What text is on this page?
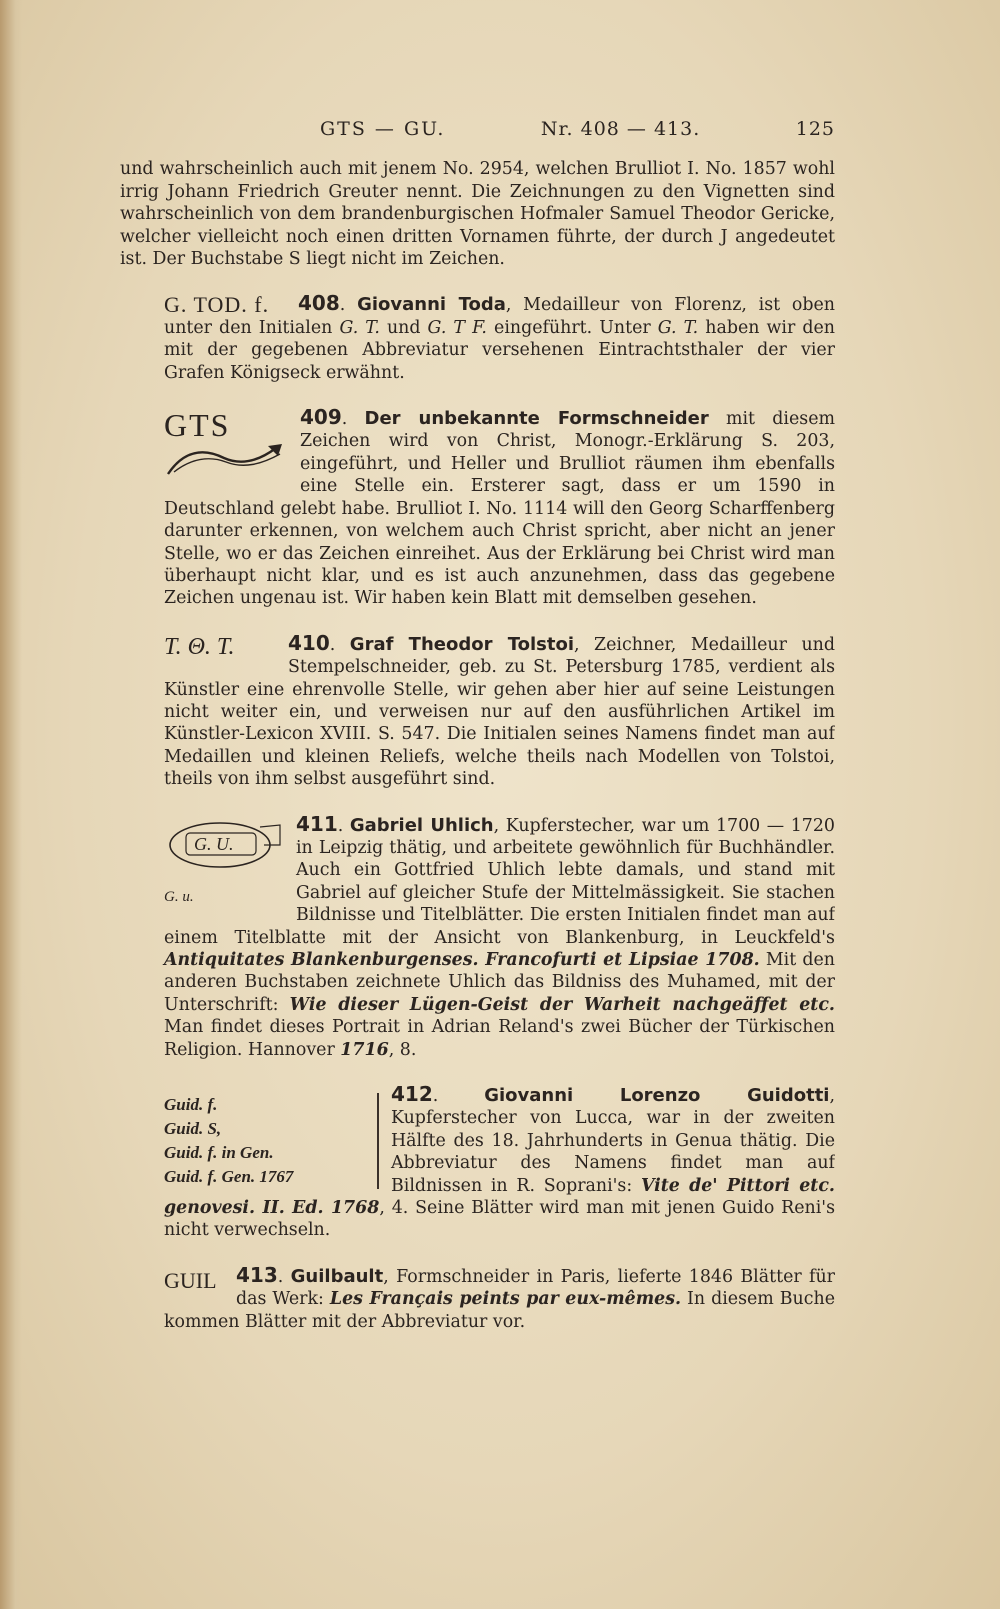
GTS — GU.	Nr. 408 — 413.	125

und wahrscheinlich auch mit jenem No. 2954, welchen Brulliot I. No. 1857 wohl irrig Johann Friedrich Greuter nennt. Die Zeichnungen zu den Vignetten sind wahrscheinlich von dem brandenburgischen Hofmaler Samuel Theodor Gericke, welcher vielleicht noch einen dritten Vornamen führte, der durch J angedeutet ist. Der Buchstabe S liegt nicht im Zeichen.

G. TOD. f.	408. Giovanni Toda, Medailleur von Florenz, ist oben unter den Initialen G. T. und G. T F. eingeführt. Unter G. T. haben wir den mit der gegebenen Abbreviatur versehenen Eintrachtsthaler der vier Grafen Königseck erwähnt.

GTS	409. Der unbekannte Formschneider mit diesem Zeichen wird von Christ, Monogr.-Erklärung S. 203, eingeführt, und Heller und Brulliot räumen ihm ebenfalls eine Stelle ein. Ersterer sagt, dass er um 1590 in Deutschland gelebt habe. Brulliot I. No. 1114 will den Georg Scharffenberg darunter erkennen, von welchem auch Christ spricht, aber nicht an jener Stelle, wo er das Zeichen einreihet. Aus der Erklärung bei Christ wird man überhaupt nicht klar, und es ist auch anzunehmen, dass das gegebene Zeichen ungenau ist. Wir haben kein Blatt mit demselben gesehen.

T. Θ. T.	410. Graf Theodor Tolstoi, Zeichner, Medailleur und Stempelschneider, geb. zu St. Petersburg 1785, verdient als Künstler eine ehrenvolle Stelle, wir gehen aber hier auf seine Leistungen nicht weiter ein, und verweisen nur auf den ausführlichen Artikel im Künstler-Lexicon XVIII. S. 547. Die Initialen seines Namens findet man auf Medaillen und kleinen Reliefs, welche theils nach Modellen von Tolstoi, theils von ihm selbst ausgeführt sind.

G. U.

G. u.
411. Gabriel Uhlich, Kupferstecher, war um 1700 — 1720 in Leipzig thätig, und arbeitete gewöhnlich für Buchhändler. Auch ein Gottfried Uhlich lebte damals, und stand mit Gabriel auf gleicher Stufe der Mittelmässigkeit. Sie stachen Bildnisse und Titelblätter. Die ersten Initialen findet man auf einem Titelblatte mit der Ansicht von Blankenburg, in Leuckfeld's Antiquitates Blankenburgenses. Francofurti et Lipsiae 1708. Mit den anderen Buchstaben zeichnete Uhlich das Bildniss des Muhamed, mit der Unterschrift: Wie dieser Lügen-Geist der Warheit nachgeäffet etc. Man findet dieses Portrait in Adrian Reland's zwei Bücher der Türkischen Religion. Hannover 1716, 8.

Guid. f.
Guid. S,
Guid. f. in Gen.
Guid. f. Gen. 1767
412. Giovanni Lorenzo Guidotti, Kupferstecher von Lucca, war in der zweiten Hälfte des 18. Jahrhunderts in Genua thätig. Die Abbreviatur des Namens findet man auf Bildnissen in R. Soprani's: Vite de' Pittori etc. genovesi. II. Ed. 1768, 4. Seine Blätter wird man mit jenen Guido Reni's nicht verwechseln.

GUIL 413. Guilbault, Formschneider in Paris, lieferte 1846 Blätter für das Werk: Les Français peints par eux-mêmes. In diesem Buche kommen Blätter mit der Abbreviatur vor.
